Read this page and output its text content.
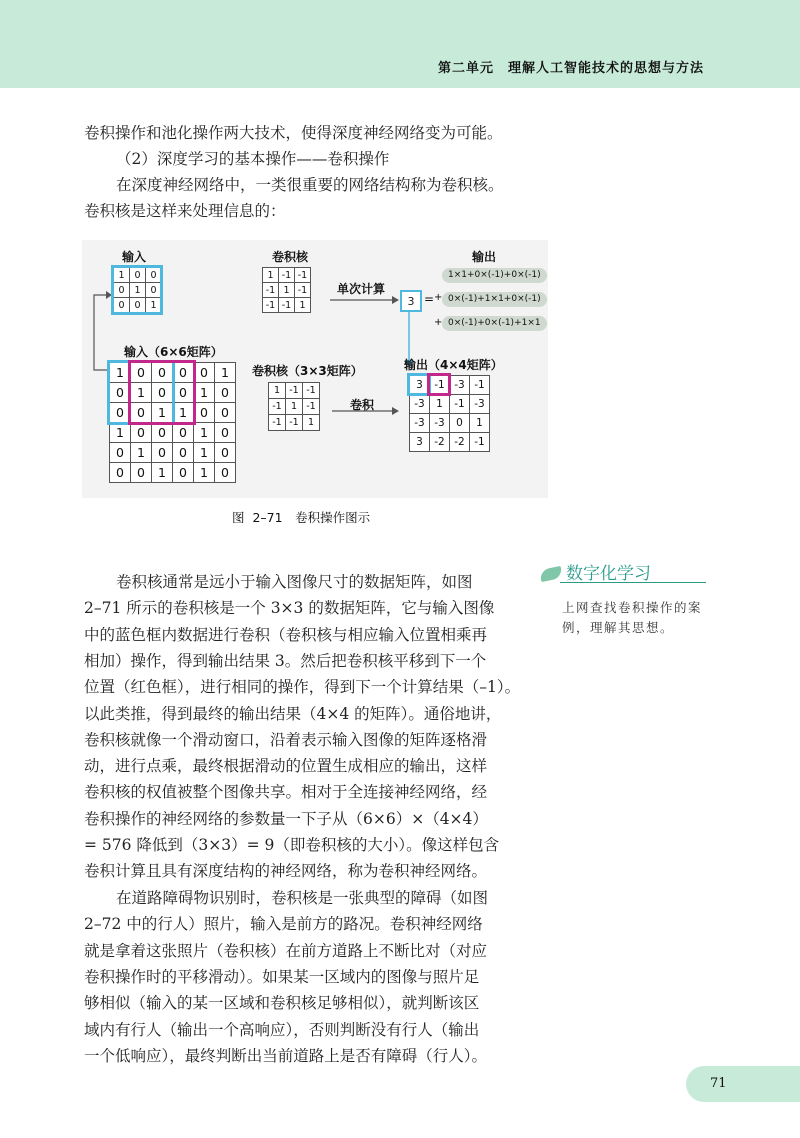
第二单元　理解人工智能技术的思想与方法

卷积操作和池化操作两大技术，使得深度神经网络变为可能。

（2）深度学习的基本操作——卷积操作

在深度神经网络中，一类很重要的网络结构称为卷积核。

卷积核是这样来处理信息的：

输入	卷积核	输出
单次计算
输入（6×6矩阵）
卷积核（3×3矩阵）
卷积
输出（4×4矩阵）
1	0	0
0	1	0
0	0	1
1 -1 -1
-1 1 -1
-1 -1 1	3 =
1×1+0×(-1)+0×(-1)
+ 0×(-1)+1×1+0×(-1)
+ 0×(-1)+0×(-1)+1×1
1	0	0	0	0	1
0	1	0	0	1	0
0	0	1	1	0	0
1	0	0	0	1	0
0	1	0	0	1	0
0	0	1	0	1	0
1 -1 -1
-1 1 -1
-1 -1 1
3	-1 -3 -1
-3	1	-1 -3
-3 -3	0	1
3	-2 -2 -1
图 2–71　卷积操作图示

卷积核通常是远小于输入图像尺寸的数据矩阵，如图

2–71 所示的卷积核是一个 3×3 的数据矩阵，它与输入图像

中的蓝色框内数据进行卷积（卷积核与相应输入位置相乘再

相加）操作，得到输出结果 3。然后把卷积核平移到下一个

位置（红色框），进行相同的操作，得到下一个计算结果（–1）。

以此类推，得到最终的输出结果（4×4 的矩阵）。通俗地讲，

卷积核就像一个滑动窗口，沿着表示输入图像的矩阵逐格滑

动，进行点乘，最终根据滑动的位置生成相应的输出，这样

卷积核的权值被整个图像共享。相对于全连接神经网络，经

卷积操作的神经网络的参数量一下子从（6×6）×（4×4）

= 576 降低到（3×3）= 9（即卷积核的大小）。像这样包含

卷积计算且具有深度结构的神经网络，称为卷积神经网络。

在道路障碍物识别时，卷积核是一张典型的障碍（如图

2–72 中的行人）照片，输入是前方的路况。卷积神经网络

就是拿着这张照片（卷积核）在前方道路上不断比对（对应

卷积操作时的平移滑动）。如果某一区域内的图像与照片足

够相似（输入的某一区域和卷积核足够相似），就判断该区

域内有行人（输出一个高响应），否则判断没有行人（输出

一个低响应），最终判断出当前道路上是否有障碍（行人）。

数字化学习
上网查找卷积操作的案例，理解其思想。
71
